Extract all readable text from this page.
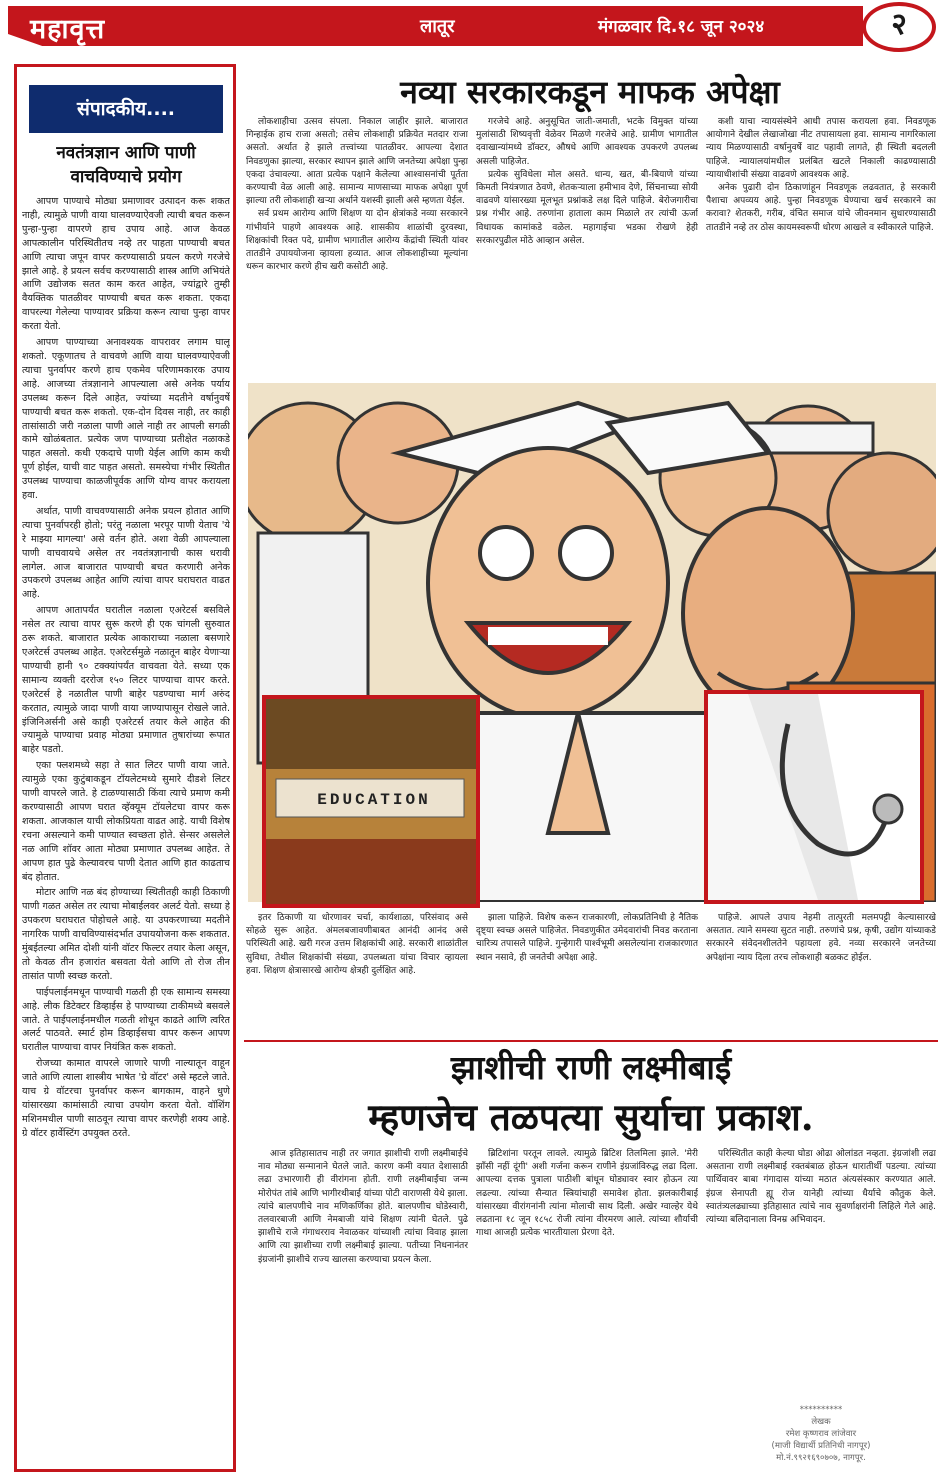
महावृत्त	लातूर	मंगळवार दि.१८ जून २०२४	२
संपादकीय....
नवतंत्रज्ञान आणि पाणी वाचविण्याचे प्रयोग

आपण पाण्याचे मोठ्या प्रमाणावर उत्पादन करू शकत नाही, त्यामुळे पाणी वाया घालवण्याऐवजी त्याची बचत करून पुन्हा-पुन्हा वापरणे हाच उपाय आहे. आज केवळ आपत्कालीन परिस्थितीतच नव्हे तर पाहता पाण्याची बचत आणि त्याचा जपून वापर करण्यासाठी प्रयत्न करणे गरजेचे झाले आहे. हे प्रयत्न सर्वच करण्यासाठी शास्त्र आणि अभियंते आणि उद्योजक सतत काम करत आहेत, ज्यांद्वारे तुम्ही वैयक्तिक पातळीवर पाण्याची बचत करू शकता. एकदा वापरल्या गेलेल्या पाण्यावर प्रक्रिया करून त्याचा पुन्हा वापर करता येतो.

आपण पाण्याच्या अनावश्यक वापरावर लगाम घालू शकतो. एकूणातच ते वाचवणे आणि वाया घालवण्याऐवजी त्याचा पुनर्वापर करणे हाच एकमेव परिणामकारक उपाय आहे. आजच्या तंत्रज्ञानाने आपल्याला असे अनेक पर्याय उपलब्ध करून दिले आहेत, ज्यांच्या मदतीने वर्षानुवर्षे पाण्याची बचत करू शकतो. एक-दोन दिवस नाही, तर काही तासांसाठी जरी नळाला पाणी आले नाही तर आपली सगळी कामे खोळंबतात. प्रत्येक जण पाण्याच्या प्रतीक्षेत नळाकडे पाहत असतो. कधी एकदाचे पाणी येईल आणि काम कधी पूर्ण होईल, याची वाट पाहत असतो. समस्येचा गंभीर स्थितीत उपलब्ध पाण्याचा काळजीपूर्वक आणि योग्य वापर करायला हवा.

अर्थात, पाणी वाचवण्यासाठी अनेक प्रयत्न होतात आणि त्याचा पुनर्वापरही होतो; परंतु नळाला भरपूर पाणी येताच 'ये रे माझ्या मागल्या' असे वर्तन होते. अशा वेळी आपल्याला पाणी वाचवायचे असेल तर नवतंत्रज्ञानाची कास धरावी लागेल. आज बाजारात पाण्याची बचत करणारी अनेक उपकरणे उपलब्ध आहेत आणि त्यांचा वापर घराघरात वाढत आहे.

आपण आतापर्यंत घरातील नळाला एअरेटर्स बसविले नसेल तर त्याचा वापर सुरू करणे ही एक चांगली सुरुवात ठरू शकते. बाजारात प्रत्येक आकाराच्या नळाला बसणारे एअरेटर्स उपलब्ध आहेत. एअरेटर्समुळे नळातून बाहेर येणाऱ्या पाण्याची हानी ९० टक्क्यांपर्यंत वाचवता येते. सध्या एक सामान्य व्यक्ती दररोज १५० लिटर पाण्याचा वापर करते. एअरेटर्स हे नळातील पाणी बाहेर पडण्याचा मार्ग अरुंद करतात, त्यामुळे जादा पाणी वाया जाण्यापासून रोखले जाते. इंजिनिअर्सनी असे काही एअरेटर्स तयार केले आहेत की ज्यामुळे पाण्याचा प्रवाह मोठ्या प्रमाणात तुषारांच्या रूपात बाहेर पडतो.

एका फ्लशमध्ये सहा ते सात लिटर पाणी वाया जाते. त्यामुळे एका कुटुंबाकडून टॉयलेटमध्ये सुमारे दीडशे लिटर पाणी वापरले जाते. हे टाळण्यासाठी किंवा त्याचे प्रमाण कमी करण्यासाठी आपण घरात व्हॅक्यूम टॉयलेटचा वापर करू शकता. आजकाल याची लोकप्रियता वाढत आहे. याची विशेष रचना असल्याने कमी पाण्यात स्वच्छता होते. सेन्सर असलेले नळ आणि शॉवर आता मोठ्या प्रमाणात उपलब्ध आहेत. ते आपण हात पुढे केल्यावरच पाणी देतात आणि हात काढताच बंद होतात.

मोटार आणि नळ बंद होण्याच्या स्थितीतही काही ठिकाणी पाणी गळत असेल तर त्याचा मोबाईलवर अलर्ट येतो. सध्या हे उपकरण घराघरात पोहोचले आहे. या उपकरणाच्या मदतीने नागरिक पाणी वाचविण्यासंदर्भात उपाययोजना करू शकतात. मुंबईतल्या अमित दोशी यांनी वॉटर फिल्टर तयार केला असून, तो केवळ तीन हजारांत बसवता येतो आणि तो रोज तीन तासांत पाणी स्वच्छ करतो.

पाईपलाईनमधून पाण्याची गळती ही एक सामान्य समस्या आहे. लीक डिटेक्टर डिव्हाईस हे पाण्याच्या टाकीमध्ये बसवले जाते. ते पाईपलाईनमधील गळती शोधून काढते आणि त्वरित अलर्ट पाठवते. स्मार्ट होम डिव्हाईसचा वापर करून आपण घरातील पाण्याचा वापर नियंत्रित करू शकतो.

रोजच्या कामात वापरले जाणारे पाणी नाल्यातून वाहून जाते आणि त्याला शास्त्रीय भाषेत 'ग्रे वॉटर' असे म्हटले जाते. याच ग्रे वॉटरचा पुनर्वापर करून बागकाम, वाहने धुणे यांसारख्या कामांसाठी त्याचा उपयोग करता येतो. वॉशिंग मशिनमधील पाणी साठवून त्याचा वापर करणेही शक्य आहे. ग्रे वॉटर हार्वेस्टिंग उपयुक्त ठरते.

नव्या सरकारकडून माफक अपेक्षा

लोकशाहीचा उत्सव संपला. निकाल जाहीर झाले. बाजारात गिन्हाईक हाच राजा असतो; तसेच लोकशाही प्रक्रियेत मतदार राजा असतो. अर्थात हे झाले तत्त्वांच्या पातळीवर. आपल्या देशात निवडणुका झाल्या, सरकार स्थापन झाले आणि जनतेच्या अपेक्षा पुन्हा एकदा उंचावल्या. आता प्रत्येक पक्षाने केलेल्या आश्वासनांची पूर्तता करण्याची वेळ आली आहे. सामान्य माणसाच्या माफक अपेक्षा पूर्ण झाल्या तरी लोकशाही खऱ्या अर्थाने यशस्वी झाली असे म्हणता येईल.

सर्व प्रथम आरोग्य आणि शिक्षण या दोन क्षेत्रांकडे नव्या सरकारने गांभीर्याने पाहणे आवश्यक आहे. शासकीय शाळांची दुरवस्था, शिक्षकांची रिक्त पदे, ग्रामीण भागातील आरोग्य केंद्रांची स्थिती यांवर तातडीने उपाययोजना व्हायला हव्यात. आज लोकशाहीच्या मूल्यांना धरून कारभार करणे हीच खरी कसोटी आहे.

गरजेचे आहे. अनुसूचित जाती-जमाती, भटके विमुक्त यांच्या मुलांसाठी शिष्यवृत्ती वेळेवर मिळणे गरजेचे आहे. ग्रामीण भागातील दवाखान्यांमध्ये डॉक्टर, औषधे आणि आवश्यक उपकरणे उपलब्ध असली पाहिजेत.

प्रत्येक सुविधेला मोल असते. धान्य, खत, बी-बियाणे यांच्या किमती नियंत्रणात ठेवणे, शेतकऱ्याला हमीभाव देणे, सिंचनाच्या सोयी वाढवणे यांसारख्या मूलभूत प्रश्नांकडे लक्ष दिले पाहिजे. बेरोजगारीचा प्रश्न गंभीर आहे. तरुणांना हाताला काम मिळाले तर त्यांची ऊर्जा विधायक कामांकडे वळेल. महागाईचा भडका रोखणे हेही सरकारपुढील मोठे आव्हान असेल.

कशी याचा न्यायसंस्थेने आधी तपास करायला हवा. निवडणूक आयोगाने देखील लेखाजोखा नीट तपासायला हवा. सामान्य नागरिकाला न्याय मिळण्यासाठी वर्षानुवर्षे वाट पहावी लागते, ही स्थिती बदलली पाहिजे. न्यायालयांमधील प्रलंबित खटले निकाली काढण्यासाठी न्यायाधीशांची संख्या वाढवणे आवश्यक आहे.

अनेक पुढारी दोन ठिकाणांहून निवडणूक लढवतात, हे सरकारी पैशाचा अपव्यय आहे. पुन्हा निवडणूक घेण्याचा खर्च सरकारने का करावा? शेतकरी, गरीब, वंचित समाज यांचे जीवनमान सुधारण्यासाठी तातडीने नव्हे तर ठोस कायमस्वरूपी धोरण आखले व स्वीकारले पाहिजे.

EDUCATION

इतर ठिकाणी या धोरणावर चर्चा, कार्यशाळा, परिसंवाद असे सोहळे सुरू आहेत. अंमलबजावणीबाबत आनंदी आनंद असे परिस्थिती आहे. खरी गरज उत्तम शिक्षकांची आहे. सरकारी शाळांतील सुविधा, तेथील शिक्षकांची संख्या, उपलब्धता यांचा विचार व्हायला हवा. शिक्षण क्षेत्रासारखे आरोग्य क्षेत्रही दुर्लक्षित आहे.

झाला पाहिजे. विशेष करून राजकारणी, लोकप्रतिनिधी हे नैतिक दृष्ट्या स्वच्छ असले पाहिजेत. निवडणुकीत उमेदवारांची निवड करताना चारित्र्य तपासले पाहिजे. गुन्हेगारी पार्श्वभूमी असलेल्यांना राजकारणात स्थान नसावे, ही जनतेची अपेक्षा आहे.

पाहिजे. आपले उपाय नेहमी तात्पुरती मलमपट्टी केल्यासारखे असतात. त्याने समस्या सुटत नाही. तरुणांचे प्रश्न, कृषी, उद्योग यांच्याकडे सरकारने संवेदनशीलतेने पहायला हवे. नव्या सरकारने जनतेच्या अपेक्षांना न्याय दिला तरच लोकशाही बळकट होईल.

झाशीची राणी लक्ष्मीबाई
म्हणजेच तळपत्या सुर्याचा प्रकाश.

आज इतिहासातच नाही तर जगात झाशीची राणी लक्ष्मीबाईचे नाव मोठ्या सन्मानाने घेतले जाते. कारण कमी वयात देशासाठी लढा उभारणारी ही वीरांगना होती. राणी लक्ष्मीबाईंचा जन्म मोरोपंत तांबे आणि भागीरथीबाई यांच्या पोटी वाराणसी येथे झाला. त्यांचे बालपणीचे नाव मणिकर्णिका होते. बालपणीच घोडेस्वारी, तलवारबाजी आणि नेमबाजी यांचे शिक्षण त्यांनी घेतले. पुढे झाशीचे राजे गंगाधरराव नेवाळकर यांच्याशी त्यांचा विवाह झाला आणि त्या झाशीच्या राणी लक्ष्मीबाई झाल्या. पतीच्या निधनानंतर इंग्रजांनी झाशीचे राज्य खालसा करण्याचा प्रयत्न केला.

ब्रिटिशांना परतून लावले. त्यामुळे ब्रिटिश तिलमिला झाले. 'मेरी झाँसी नहीं दूंगी' अशी गर्जना करून राणीने इंग्रजांविरुद्ध लढा दिला. आपल्या दत्तक पुत्राला पाठीशी बांधून घोड्यावर स्वार होऊन त्या लढल्या. त्यांच्या सैन्यात स्त्रियांचाही समावेश होता. झलकारीबाई यांसारख्या वीरांगनांनी त्यांना मोलाची साथ दिली. अखेर ग्वाल्हेर येथे लढताना १८ जून १८५८ रोजी त्यांना वीरमरण आले. त्यांच्या शौर्याची गाथा आजही प्रत्येक भारतीयाला प्रेरणा देते.

परिस्थितीत काही केल्या घोडा ओढा ओलांडत नव्हता. इंग्रजांशी लढा असताना राणी लक्ष्मीबाई रक्तबंबाळ होऊन धारातीर्थी पडल्या. त्यांच्या पार्थिवावर बाबा गंगादास यांच्या मठात अंत्यसंस्कार करण्यात आले. इंग्रज सेनापती ह्यू रोज यानेही त्यांच्या धैर्याचे कौतुक केले. स्वातंत्र्यलढ्याच्या इतिहासात त्यांचे नाव सुवर्णाक्षरांनी लिहिले गेले आहे. त्यांच्या बलिदानाला विनम्र अभिवादन.

**********
लेखक
रमेश कृष्णराव लांजेवार
(माजी विद्यार्थी प्रतिनिधी नागपूर)
मो.नं.९९२१६९०७०७, नागपूर.
